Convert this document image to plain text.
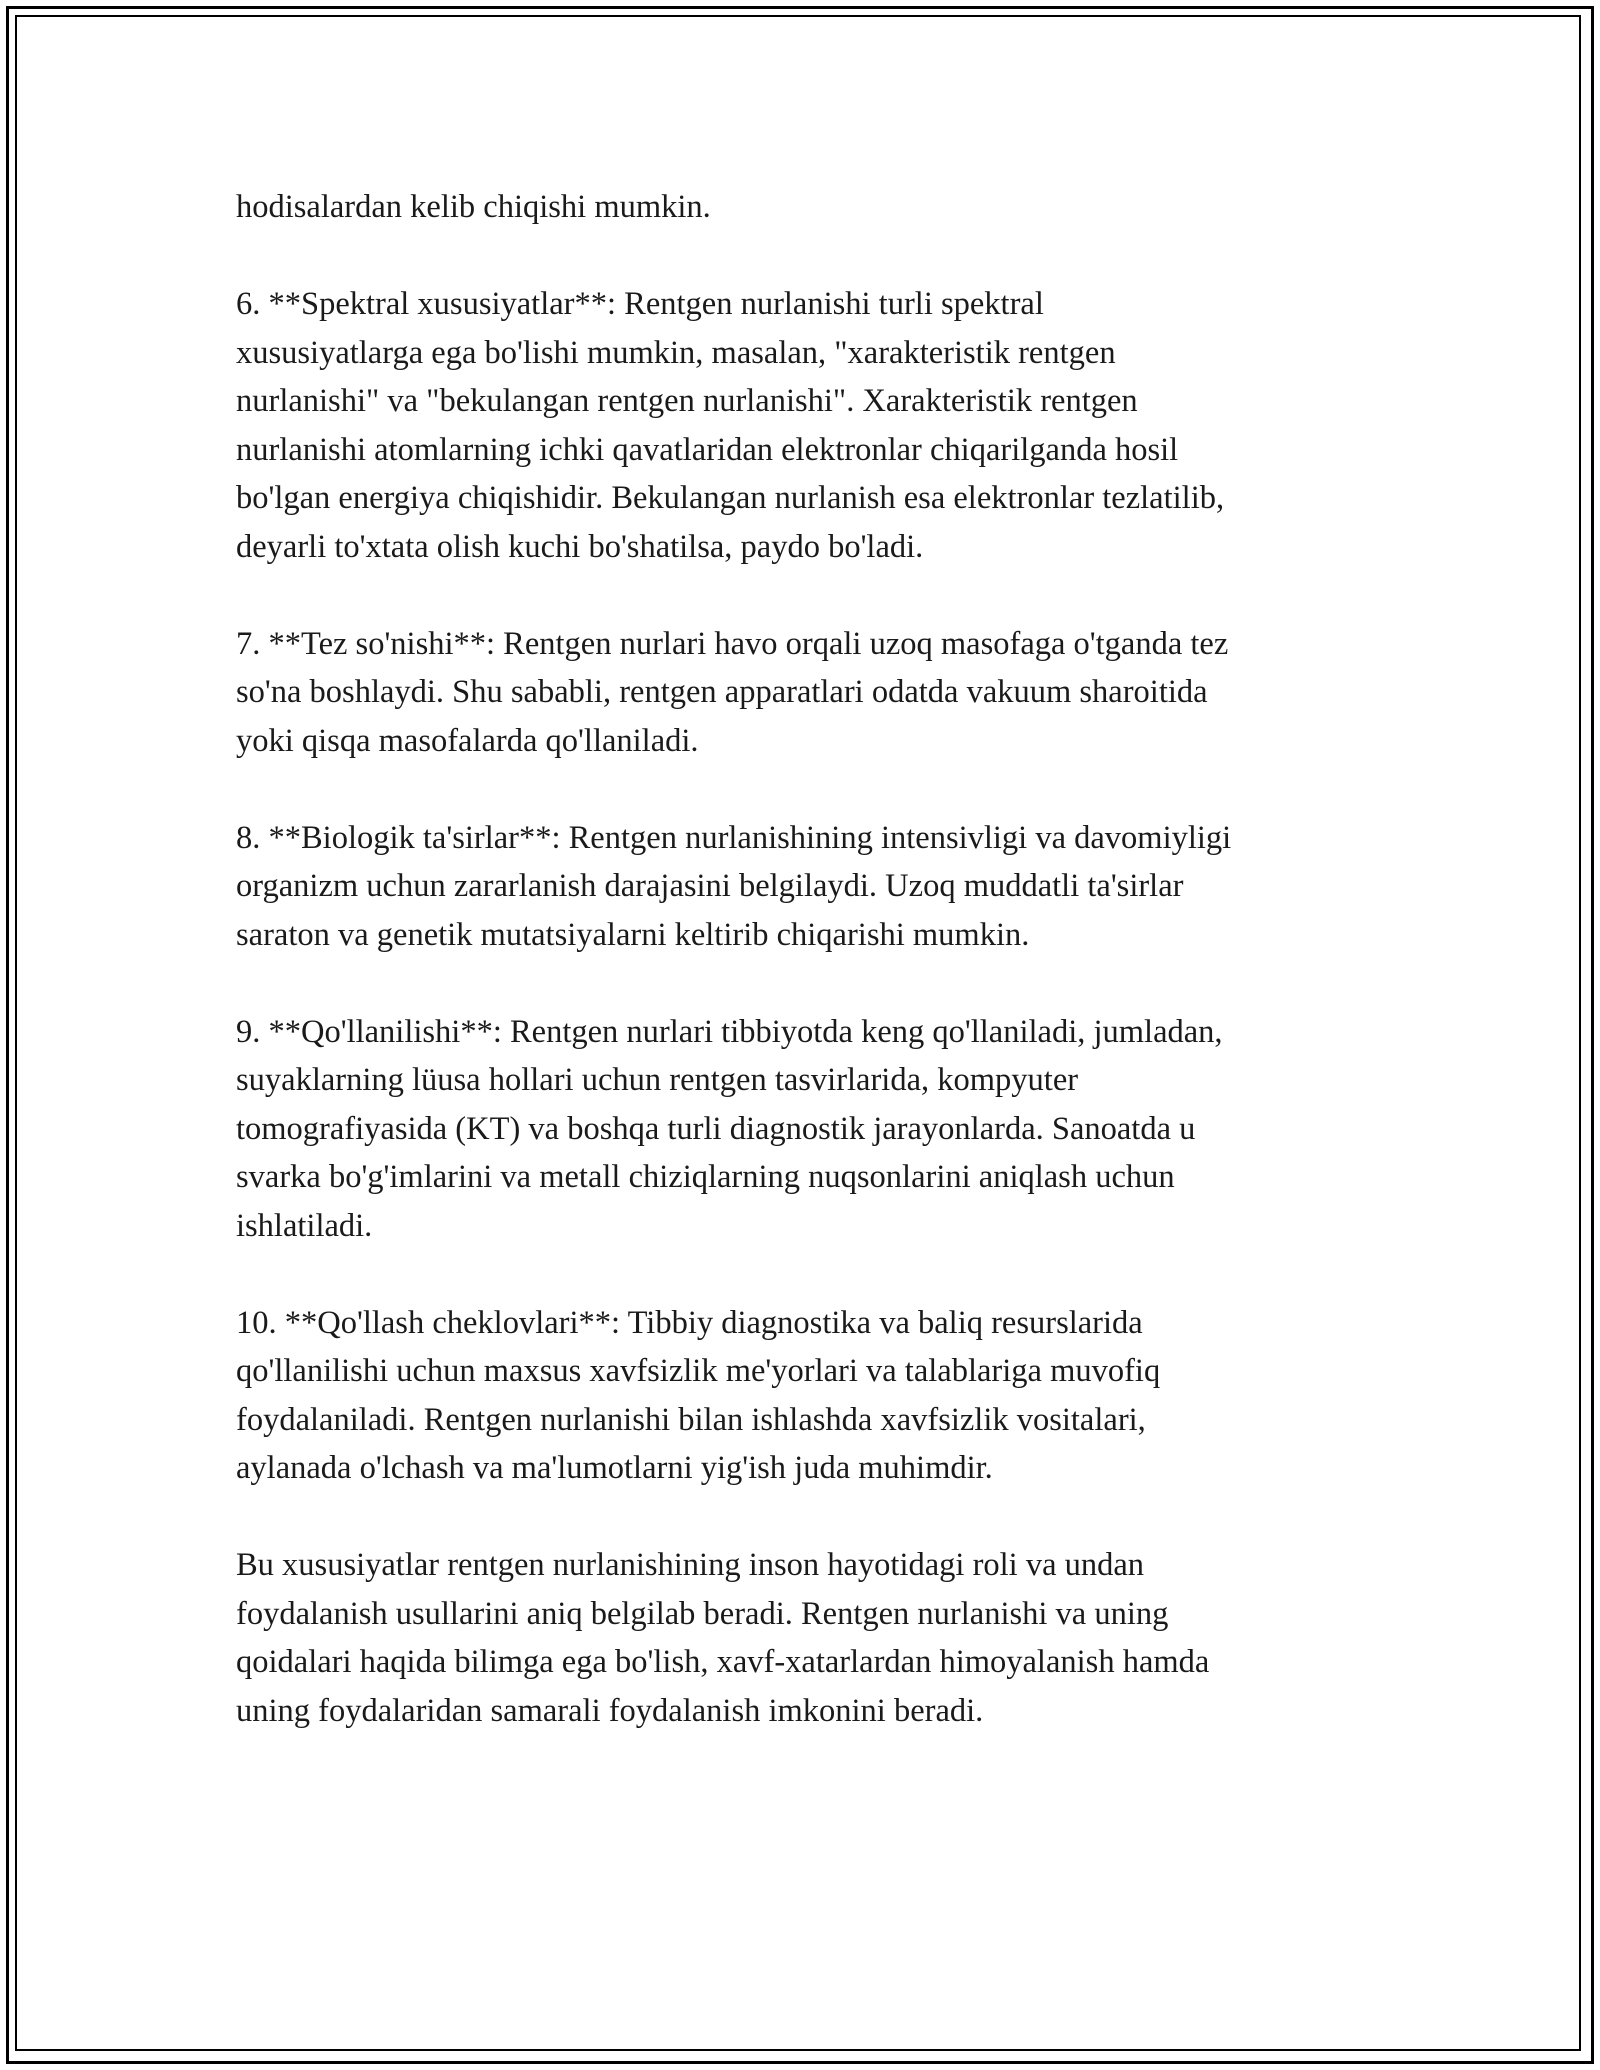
hodisalardan kelib chiqishi mumkin.

6. **Spektral xususiyatlar**: Rentgen nurlanishi turli spektral
xususiyatlarga ega bo'lishi mumkin, masalan, "xarakteristik rentgen
nurlanishi" va "bekulangan rentgen nurlanishi". Xarakteristik rentgen
nurlanishi atomlarning ichki qavatlaridan elektronlar chiqarilganda hosil
bo'lgan energiya chiqishidir. Bekulangan nurlanish esa elektronlar tezlatilib,
deyarli to'xtata olish kuchi bo'shatilsa, paydo bo'ladi.

7. **Tez so'nishi**: Rentgen nurlari havo orqali uzoq masofaga o'tganda tez
so'na boshlaydi. Shu sababli, rentgen apparatlari odatda vakuum sharoitida
yoki qisqa masofalarda qo'llaniladi.

8. **Biologik ta'sirlar**: Rentgen nurlanishining intensivligi va davomiyligi
organizm uchun zararlanish darajasini belgilaydi. Uzoq muddatli ta'sirlar
saraton va genetik mutatsiyalarni keltirib chiqarishi mumkin.

9. **Qo'llanilishi**: Rentgen nurlari tibbiyotda keng qo'llaniladi, jumladan,
suyaklarning lüusa hollari uchun rentgen tasvirlarida, kompyuter
tomografiyasida (KT) va boshqa turli diagnostik jarayonlarda. Sanoatda u
svarka bo'g'imlarini va metall chiziqlarning nuqsonlarini aniqlash uchun
ishlatiladi.

10. **Qo'llash cheklovlari**: Tibbiy diagnostika va baliq resurslarida
qo'llanilishi uchun maxsus xavfsizlik me'yorlari va talablariga muvofiq
foydalaniladi. Rentgen nurlanishi bilan ishlashda xavfsizlik vositalari,
aylanada o'lchash va ma'lumotlarni yig'ish juda muhimdir.

Bu xususiyatlar rentgen nurlanishining inson hayotidagi roli va undan
foydalanish usullarini aniq belgilab beradi. Rentgen nurlanishi va uning
qoidalari haqida bilimga ega bo'lish, xavf-xatarlardan himoyalanish hamda
uning foydalaridan samarali foydalanish imkonini beradi.
